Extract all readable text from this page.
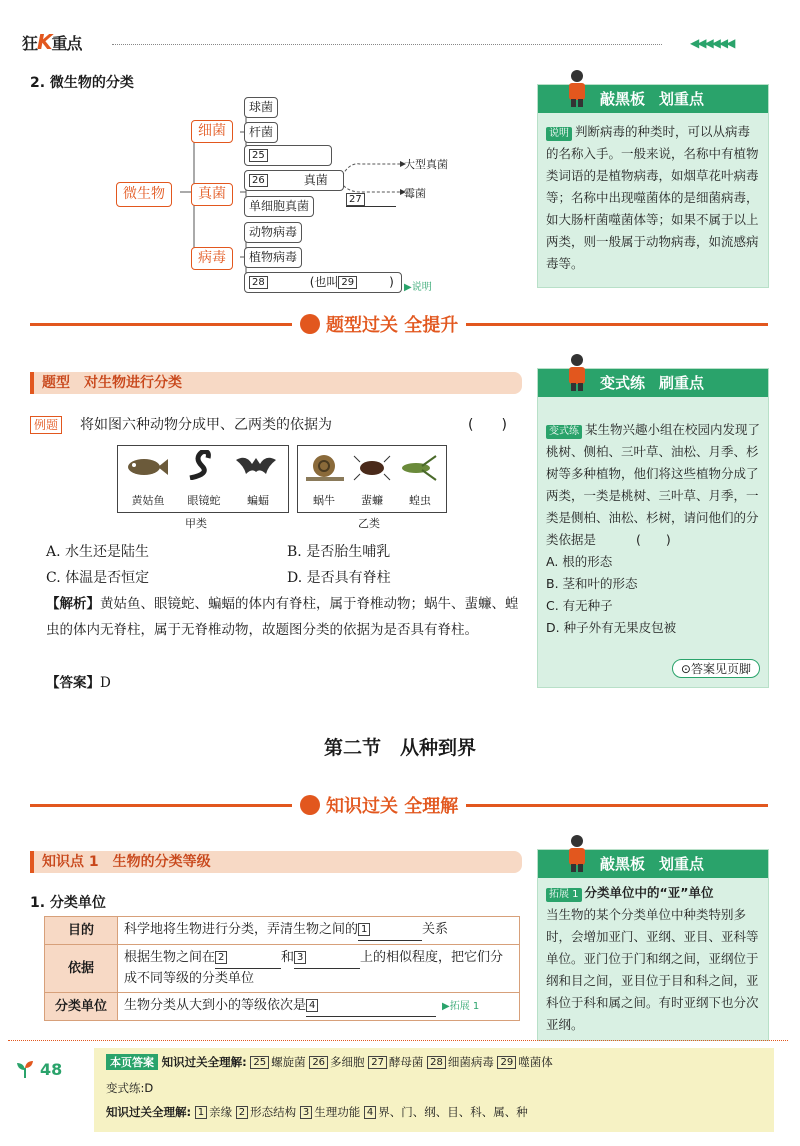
狂K重点	◀◀◀◀◀◀
2. 微生物的分类
微生物
细菌
球菌
杆菌
25
真菌
26	真菌
单细胞真菌	27
大型真菌
霉菌
病毒
动物病毒
植物病毒
28	(也叫 29	)	▶说明
敲黑板 划重点
说明 判断病毒的种类时，可以从病毒的名称入手。一般来说，名称中有植物类词语的是植物病毒，如烟草花叶病毒等；名称中出现噬菌体的是细菌病毒，如大肠杆菌噬菌体等；如果不属于以上两类，则一般属于动物病毒，如流感病毒等。
题型过关 全提升
题型　 对生物进行分类
例题 将如图六种动物分成甲、乙两类的依据为	(　　)
黄姑鱼	眼镜蛇	蝙蝠
甲类
蜗牛	蜚蠊	蝗虫
乙类
A. 水生还是陆生	B. 是否胎生哺乳
C. 体温是否恒定	D. 是否具有脊柱
【解析】黄姑鱼、眼镜蛇、蝙蝠的体内有脊柱，属于脊椎动物；蜗牛、蜚蠊、蝗虫的体内无脊柱，属于无脊椎动物，故题图分类的依据为是否具有脊柱。
【答案】D
变式练 刷重点
变式练 某生物兴趣小组在校园内发现了桃树、侧柏、三叶草、油松、月季、杉树等多种植物，他们将这些植物分成了两类，一类是桃树、三叶草、月季，一类是侧柏、油松、杉树，请问他们的分类依据是	(　　)
A. 根的形态
B. 茎和叶的形态
C. 有无种子
D. 种子外有无果皮包被
⊙答案见页脚
第二节　从种到界
知识过关 全理解
知识点 1　 生物的分类等级
1. 分类单位
目的	科学地将生物进行分类，弄清生物之间的 1 关系
依据	根据生物之间在 2 和 3 上的相似程度，把它们分成不同等级的分类单位
分类单位	生物分类从大到小的等级依次是 4 ▶拓展 1
敲黑板 划重点
拓展 1 分类单位中的“亚”单位
当生物的某个分类单位中种类特别多时，会增加亚门、亚纲、亚目、亚科等单位。亚门位于门和纲之间，亚纲位于纲和目之间，亚目位于目和科之间，亚科位于科和属之间。有时亚纲下也分次亚纲。
48	本页答案 知识过关全理解: 25 螺旋菌 26 多细胞 27 酵母菌 28 细菌病毒 29 噬菌体
变式练:D
知识过关全理解: 1 亲缘 2 形态结构 3 生理功能 4 界、门、纲、目、科、属、种
